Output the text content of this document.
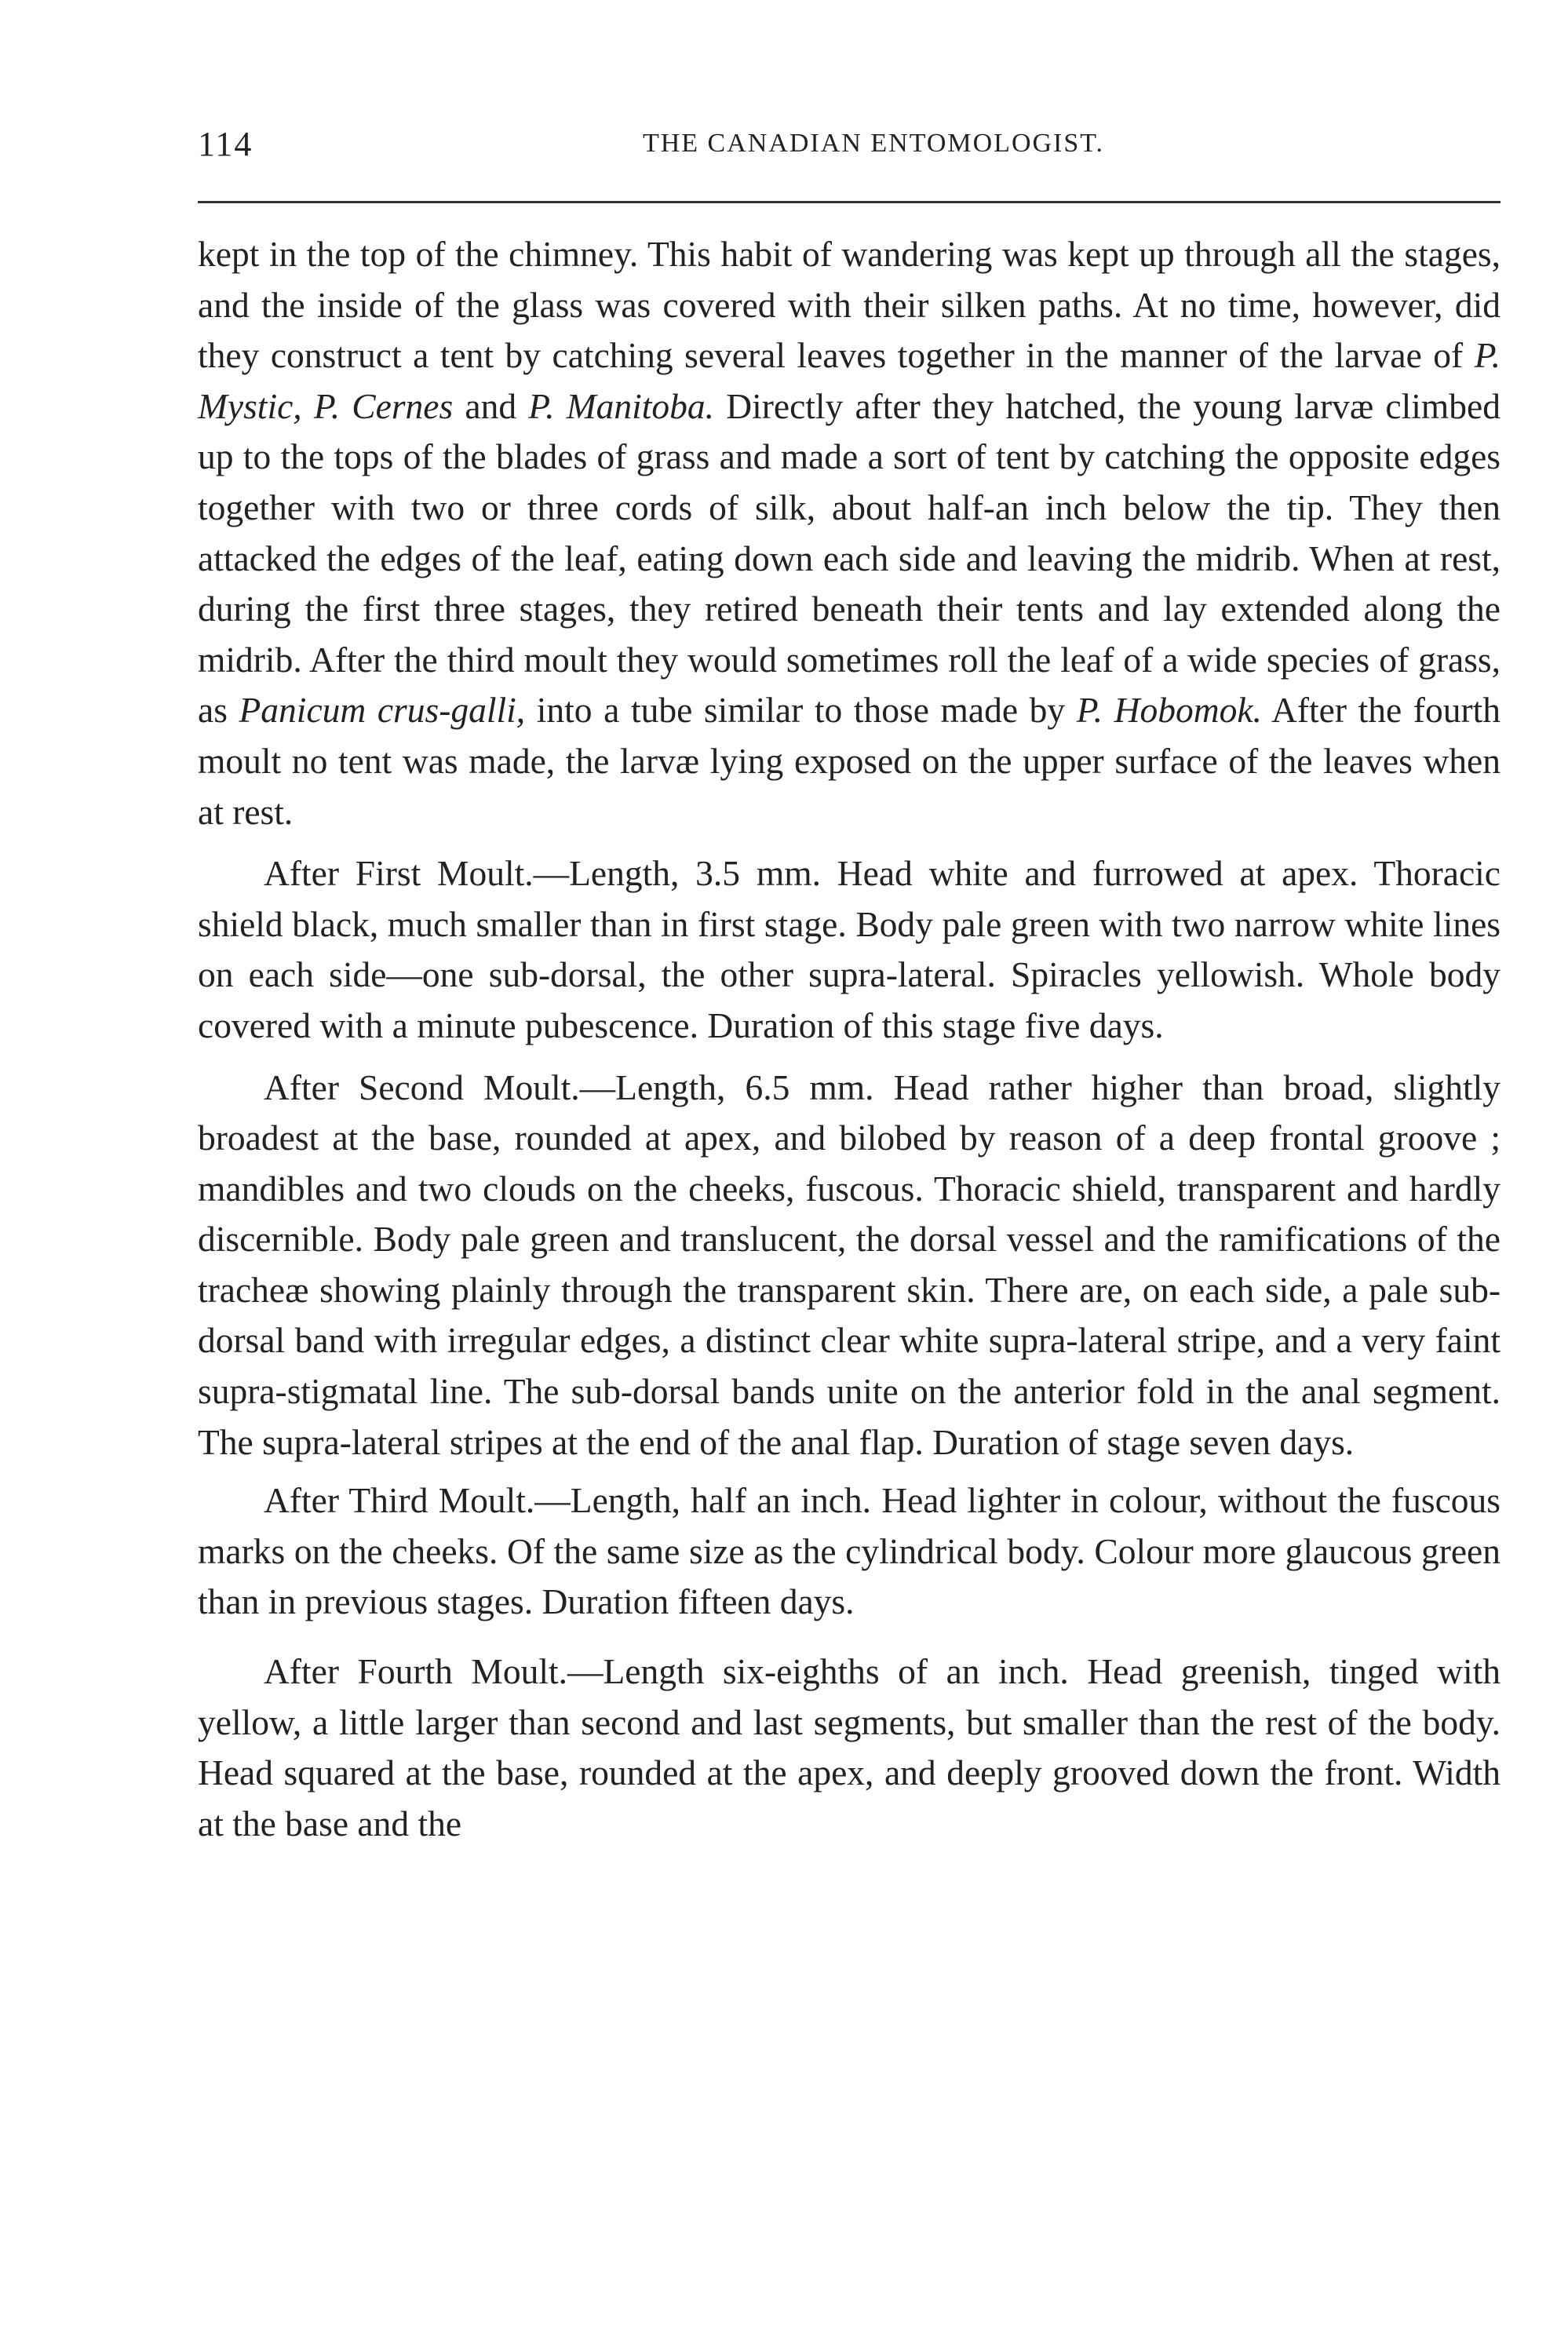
114	THE CANADIAN ENTOMOLOGIST.

kept in the top of the chimney. This habit of wandering was kept up through all the stages, and the inside of the glass was covered with their silken paths. At no time, however, did they construct a tent by catching several leaves together in the manner of the larvae of P. Mystic, P. Cernes and P. Manitoba. Directly after they hatched, the young larvæ climbed up to the tops of the blades of grass and made a sort of tent by catching the opposite edges together with two or three cords of silk, about half-an inch below the tip. They then attacked the edges of the leaf, eating down each side and leaving the midrib. When at rest, during the first three stages, they retired beneath their tents and lay extended along the midrib. After the third moult they would sometimes roll the leaf of a wide species of grass, as Panicum crus-galli, into a tube similar to those made by P. Hobomok. After the fourth moult no tent was made, the larvæ lying exposed on the upper surface of the leaves when at rest.

After First Moult.—Length, 3.5 mm. Head white and furrowed at apex. Thoracic shield black, much smaller than in first stage. Body pale green with two narrow white lines on each side—one sub-dorsal, the other supra-lateral. Spiracles yellowish. Whole body covered with a minute pubescence. Duration of this stage five days.

After Second Moult.—Length, 6.5 mm. Head rather higher than broad, slightly broadest at the base, rounded at apex, and bilobed by reason of a deep frontal groove ; mandibles and two clouds on the cheeks, fuscous. Thoracic shield, transparent and hardly discernible. Body pale green and translucent, the dorsal vessel and the ramifications of the tracheæ showing plainly through the transparent skin. There are, on each side, a pale sub-dorsal band with irregular edges, a distinct clear white supra-lateral stripe, and a very faint supra-stigmatal line. The sub-dorsal bands unite on the anterior fold in the anal segment. The supra-lateral stripes at the end of the anal flap. Duration of stage seven days.

After Third Moult.—Length, half an inch. Head lighter in colour, without the fuscous marks on the cheeks. Of the same size as the cylindrical body. Colour more glaucous green than in previous stages. Duration fifteen days.

After Fourth Moult.—Length six-eighths of an inch. Head greenish, tinged with yellow, a little larger than second and last segments, but smaller than the rest of the body. Head squared at the base, rounded at the apex, and deeply grooved down the front. Width at the base and the
